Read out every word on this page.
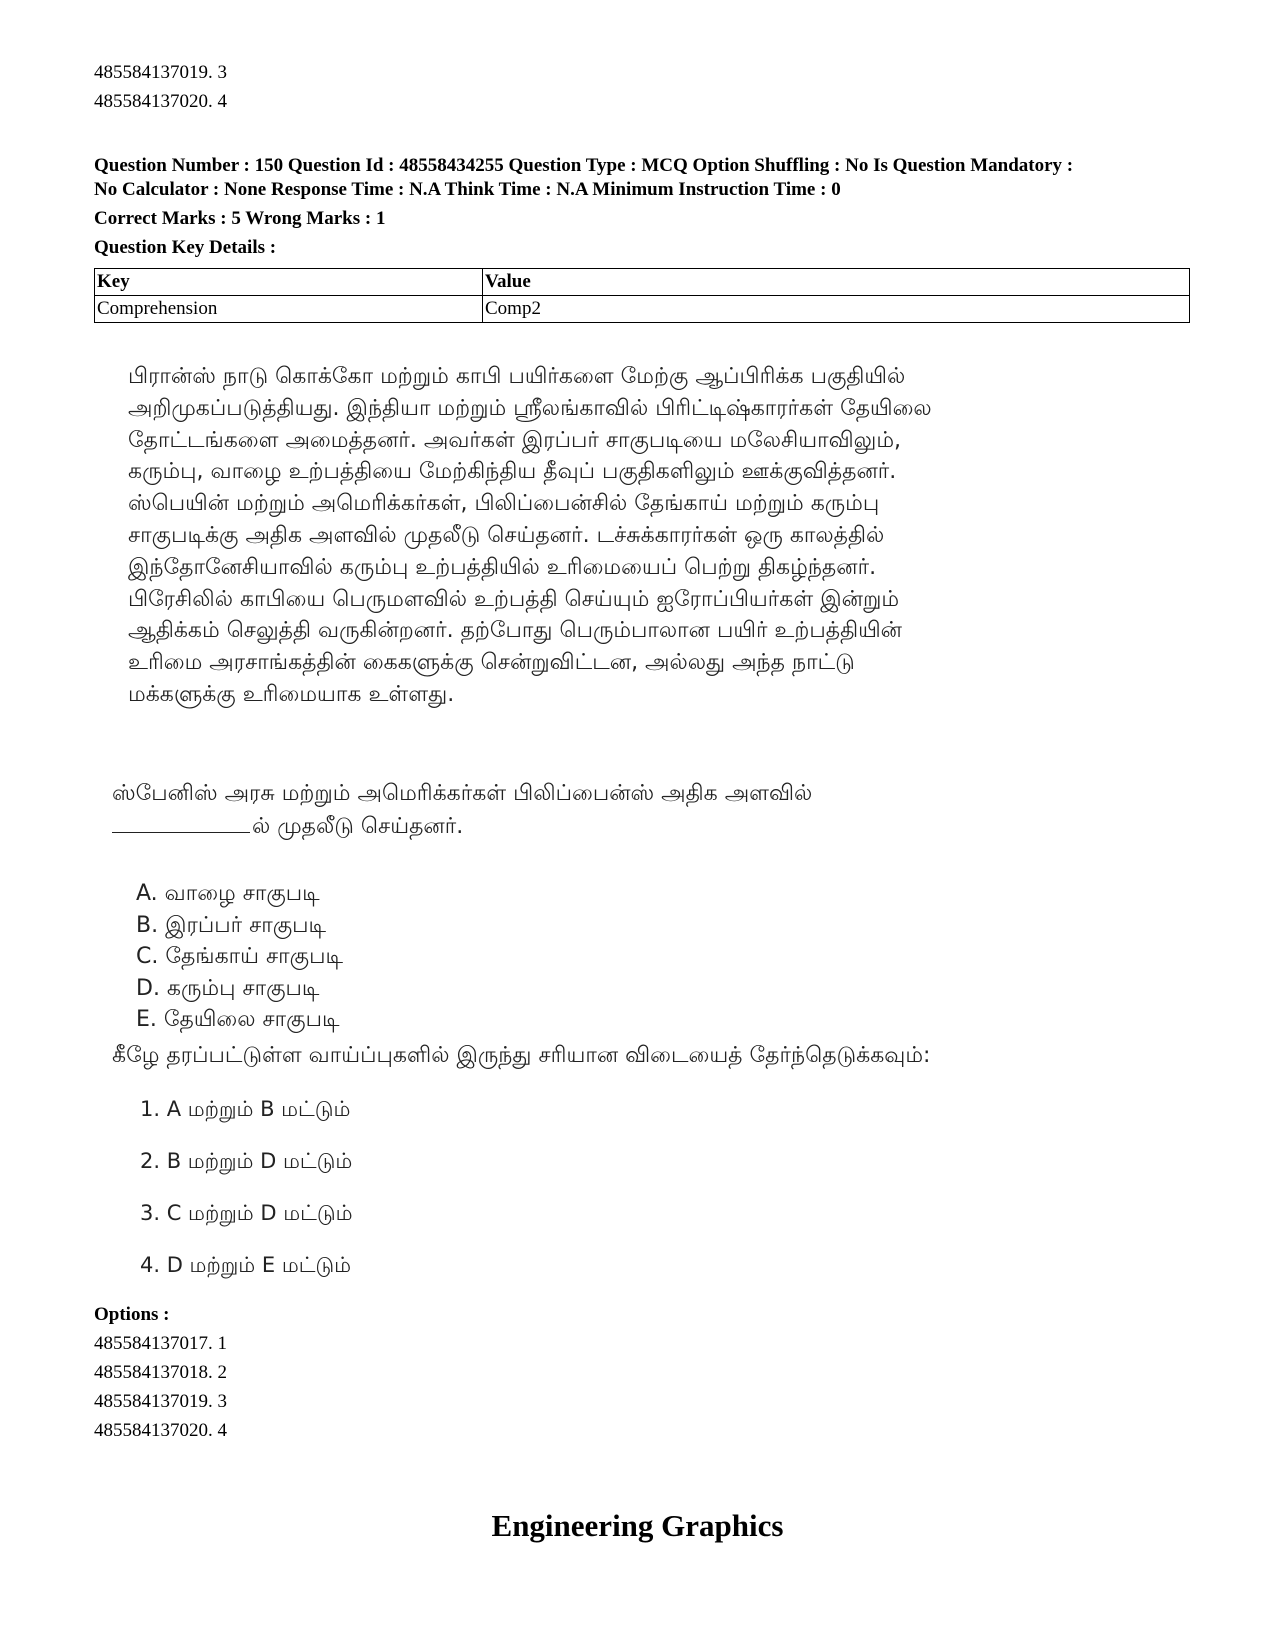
485584137019. 3
485584137020. 4
Question Number : 150 Question Id : 48558434255 Question Type : MCQ Option Shuffling : No Is Question Mandatory :
No Calculator : None Response Time : N.A Think Time : N.A Minimum Instruction Time : 0
Correct Marks : 5 Wrong Marks : 1
Question Key Details :
Key	Value
Comprehension	Comp2
பிரான்ஸ் நாடு கொக்கோ மற்றும் காபி பயிர்களை மேற்கு ஆப்பிரிக்க பகுதியில்
அறிமுகப்படுத்தியது. இந்தியா மற்றும் ஸ்ரீலங்காவில் பிரிட்டிஷ்காரர்கள் தேயிலை
தோட்டங்களை அமைத்தனர். அவர்கள் இரப்பர் சாகுபடியை மலேசியாவிலும்,
கரும்பு, வாழை உற்பத்தியை மேற்கிந்திய தீவுப் பகுதிகளிலும் ஊக்குவித்தனர்.
ஸ்பெயின் மற்றும் அமெரிக்கர்கள், பிலிப்பைன்சில் தேங்காய் மற்றும் கரும்பு
சாகுபடிக்கு அதிக அளவில் முதலீடு செய்தனர். டச்சுக்காரர்கள் ஒரு காலத்தில்
இந்தோனேசியாவில் கரும்பு உற்பத்தியில் உரிமையைப் பெற்று திகழ்ந்தனர்.
பிரேசிலில் காபியை பெருமளவில் உற்பத்தி செய்யும் ஐரோப்பியர்கள் இன்றும்
ஆதிக்கம் செலுத்தி வருகின்றனர். தற்போது பெரும்பாலான பயிர் உற்பத்தியின்
உரிமை அரசாங்கத்தின் கைகளுக்கு சென்றுவிட்டன, அல்லது அந்த நாட்டு
மக்களுக்கு உரிமையாக உள்ளது.
ஸ்பேனிஸ் அரசு மற்றும் அமெரிக்கர்கள் பிலிப்பைன்ஸ் அதிக அளவில்
ல் முதலீடு செய்தனர்.
A. வாழை சாகுபடி
B. இரப்பர் சாகுபடி
C. தேங்காய் சாகுபடி
D. கரும்பு சாகுபடி
E. தேயிலை சாகுபடி
கீழே தரப்பட்டுள்ள வாய்ப்புகளில் இருந்து சரியான விடையைத் தேர்ந்தெடுக்கவும்:
1. A மற்றும் B மட்டும்
2. B மற்றும் D மட்டும்
3. C மற்றும் D மட்டும்
4. D மற்றும் E மட்டும்
Options :
485584137017. 1
485584137018. 2
485584137019. 3
485584137020. 4
Engineering Graphics
